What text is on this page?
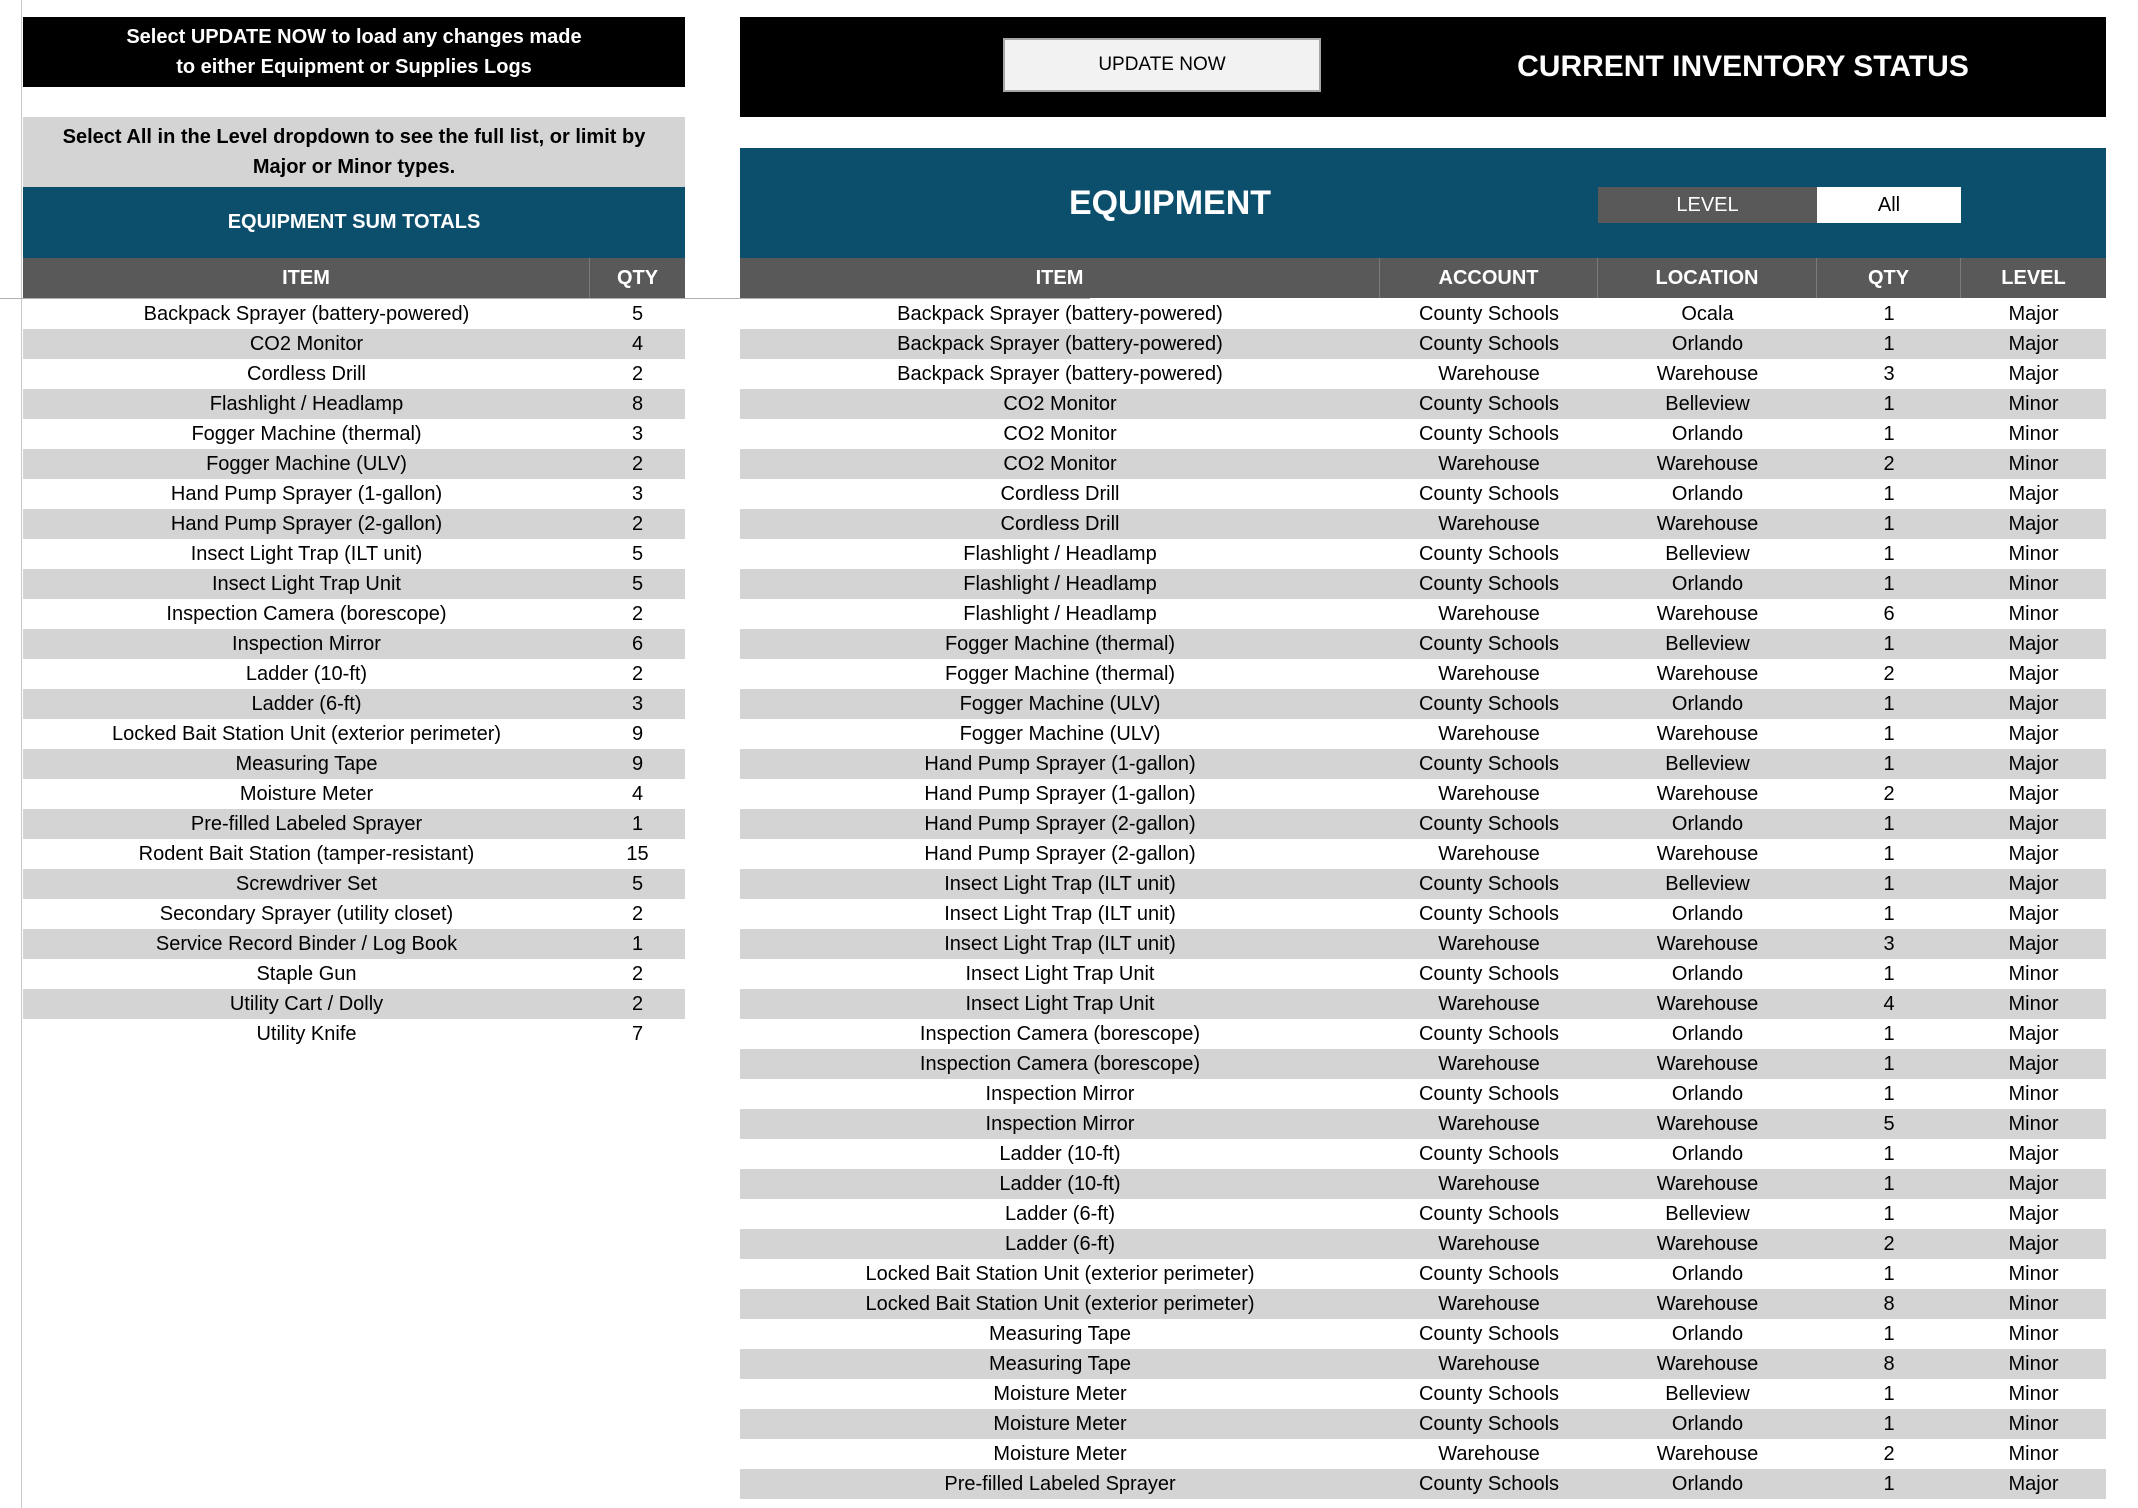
Select UPDATE NOW to load any changes made
to either Equipment or Supplies Logs
Select All in the Level dropdown to see the full list, or limit by
Major or Minor types.
EQUIPMENT SUM TOTALS
ITEM	QTY
Backpack Sprayer (battery-powered)	5
CO2 Monitor	4
Cordless Drill	2
Flashlight / Headlamp	8
Fogger Machine (thermal)	3
Fogger Machine (ULV)	2
Hand Pump Sprayer (1-gallon)	3
Hand Pump Sprayer (2-gallon)	2
Insect Light Trap (ILT unit)	5
Insect Light Trap Unit	5
Inspection Camera (borescope)	2
Inspection Mirror	6
Ladder (10-ft)	2
Ladder (6-ft)	3
Locked Bait Station Unit (exterior perimeter)	9
Measuring Tape	9
Moisture Meter	4
Pre-filled Labeled Sprayer	1
Rodent Bait Station (tamper-resistant)	15
Screwdriver Set	5
Secondary Sprayer (utility closet)	2
Service Record Binder / Log Book	1
Staple Gun	2
Utility Cart / Dolly	2
Utility Knife	7
UPDATE NOW	CURRENT INVENTORY STATUS
EQUIPMENT	LEVEL	All
ITEM	ACCOUNT	LOCATION	QTY	LEVEL
Backpack Sprayer (battery-powered)	County Schools	Ocala	1	Major
Backpack Sprayer (battery-powered)	County Schools	Orlando	1	Major
Backpack Sprayer (battery-powered)	Warehouse	Warehouse	3	Major
CO2 Monitor	County Schools	Belleview	1	Minor
CO2 Monitor	County Schools	Orlando	1	Minor
CO2 Monitor	Warehouse	Warehouse	2	Minor
Cordless Drill	County Schools	Orlando	1	Major
Cordless Drill	Warehouse	Warehouse	1	Major
Flashlight / Headlamp	County Schools	Belleview	1	Minor
Flashlight / Headlamp	County Schools	Orlando	1	Minor
Flashlight / Headlamp	Warehouse	Warehouse	6	Minor
Fogger Machine (thermal)	County Schools	Belleview	1	Major
Fogger Machine (thermal)	Warehouse	Warehouse	2	Major
Fogger Machine (ULV)	County Schools	Orlando	1	Major
Fogger Machine (ULV)	Warehouse	Warehouse	1	Major
Hand Pump Sprayer (1-gallon)	County Schools	Belleview	1	Major
Hand Pump Sprayer (1-gallon)	Warehouse	Warehouse	2	Major
Hand Pump Sprayer (2-gallon)	County Schools	Orlando	1	Major
Hand Pump Sprayer (2-gallon)	Warehouse	Warehouse	1	Major
Insect Light Trap (ILT unit)	County Schools	Belleview	1	Major
Insect Light Trap (ILT unit)	County Schools	Orlando	1	Major
Insect Light Trap (ILT unit)	Warehouse	Warehouse	3	Major
Insect Light Trap Unit	County Schools	Orlando	1	Minor
Insect Light Trap Unit	Warehouse	Warehouse	4	Minor
Inspection Camera (borescope)	County Schools	Orlando	1	Major
Inspection Camera (borescope)	Warehouse	Warehouse	1	Major
Inspection Mirror	County Schools	Orlando	1	Minor
Inspection Mirror	Warehouse	Warehouse	5	Minor
Ladder (10-ft)	County Schools	Orlando	1	Major
Ladder (10-ft)	Warehouse	Warehouse	1	Major
Ladder (6-ft)	County Schools	Belleview	1	Major
Ladder (6-ft)	Warehouse	Warehouse	2	Major
Locked Bait Station Unit (exterior perimeter)	County Schools	Orlando	1	Minor
Locked Bait Station Unit (exterior perimeter)	Warehouse	Warehouse	8	Minor
Measuring Tape	County Schools	Orlando	1	Minor
Measuring Tape	Warehouse	Warehouse	8	Minor
Moisture Meter	County Schools	Belleview	1	Minor
Moisture Meter	County Schools	Orlando	1	Minor
Moisture Meter	Warehouse	Warehouse	2	Minor
Pre-filled Labeled Sprayer	County Schools	Orlando	1	Major
